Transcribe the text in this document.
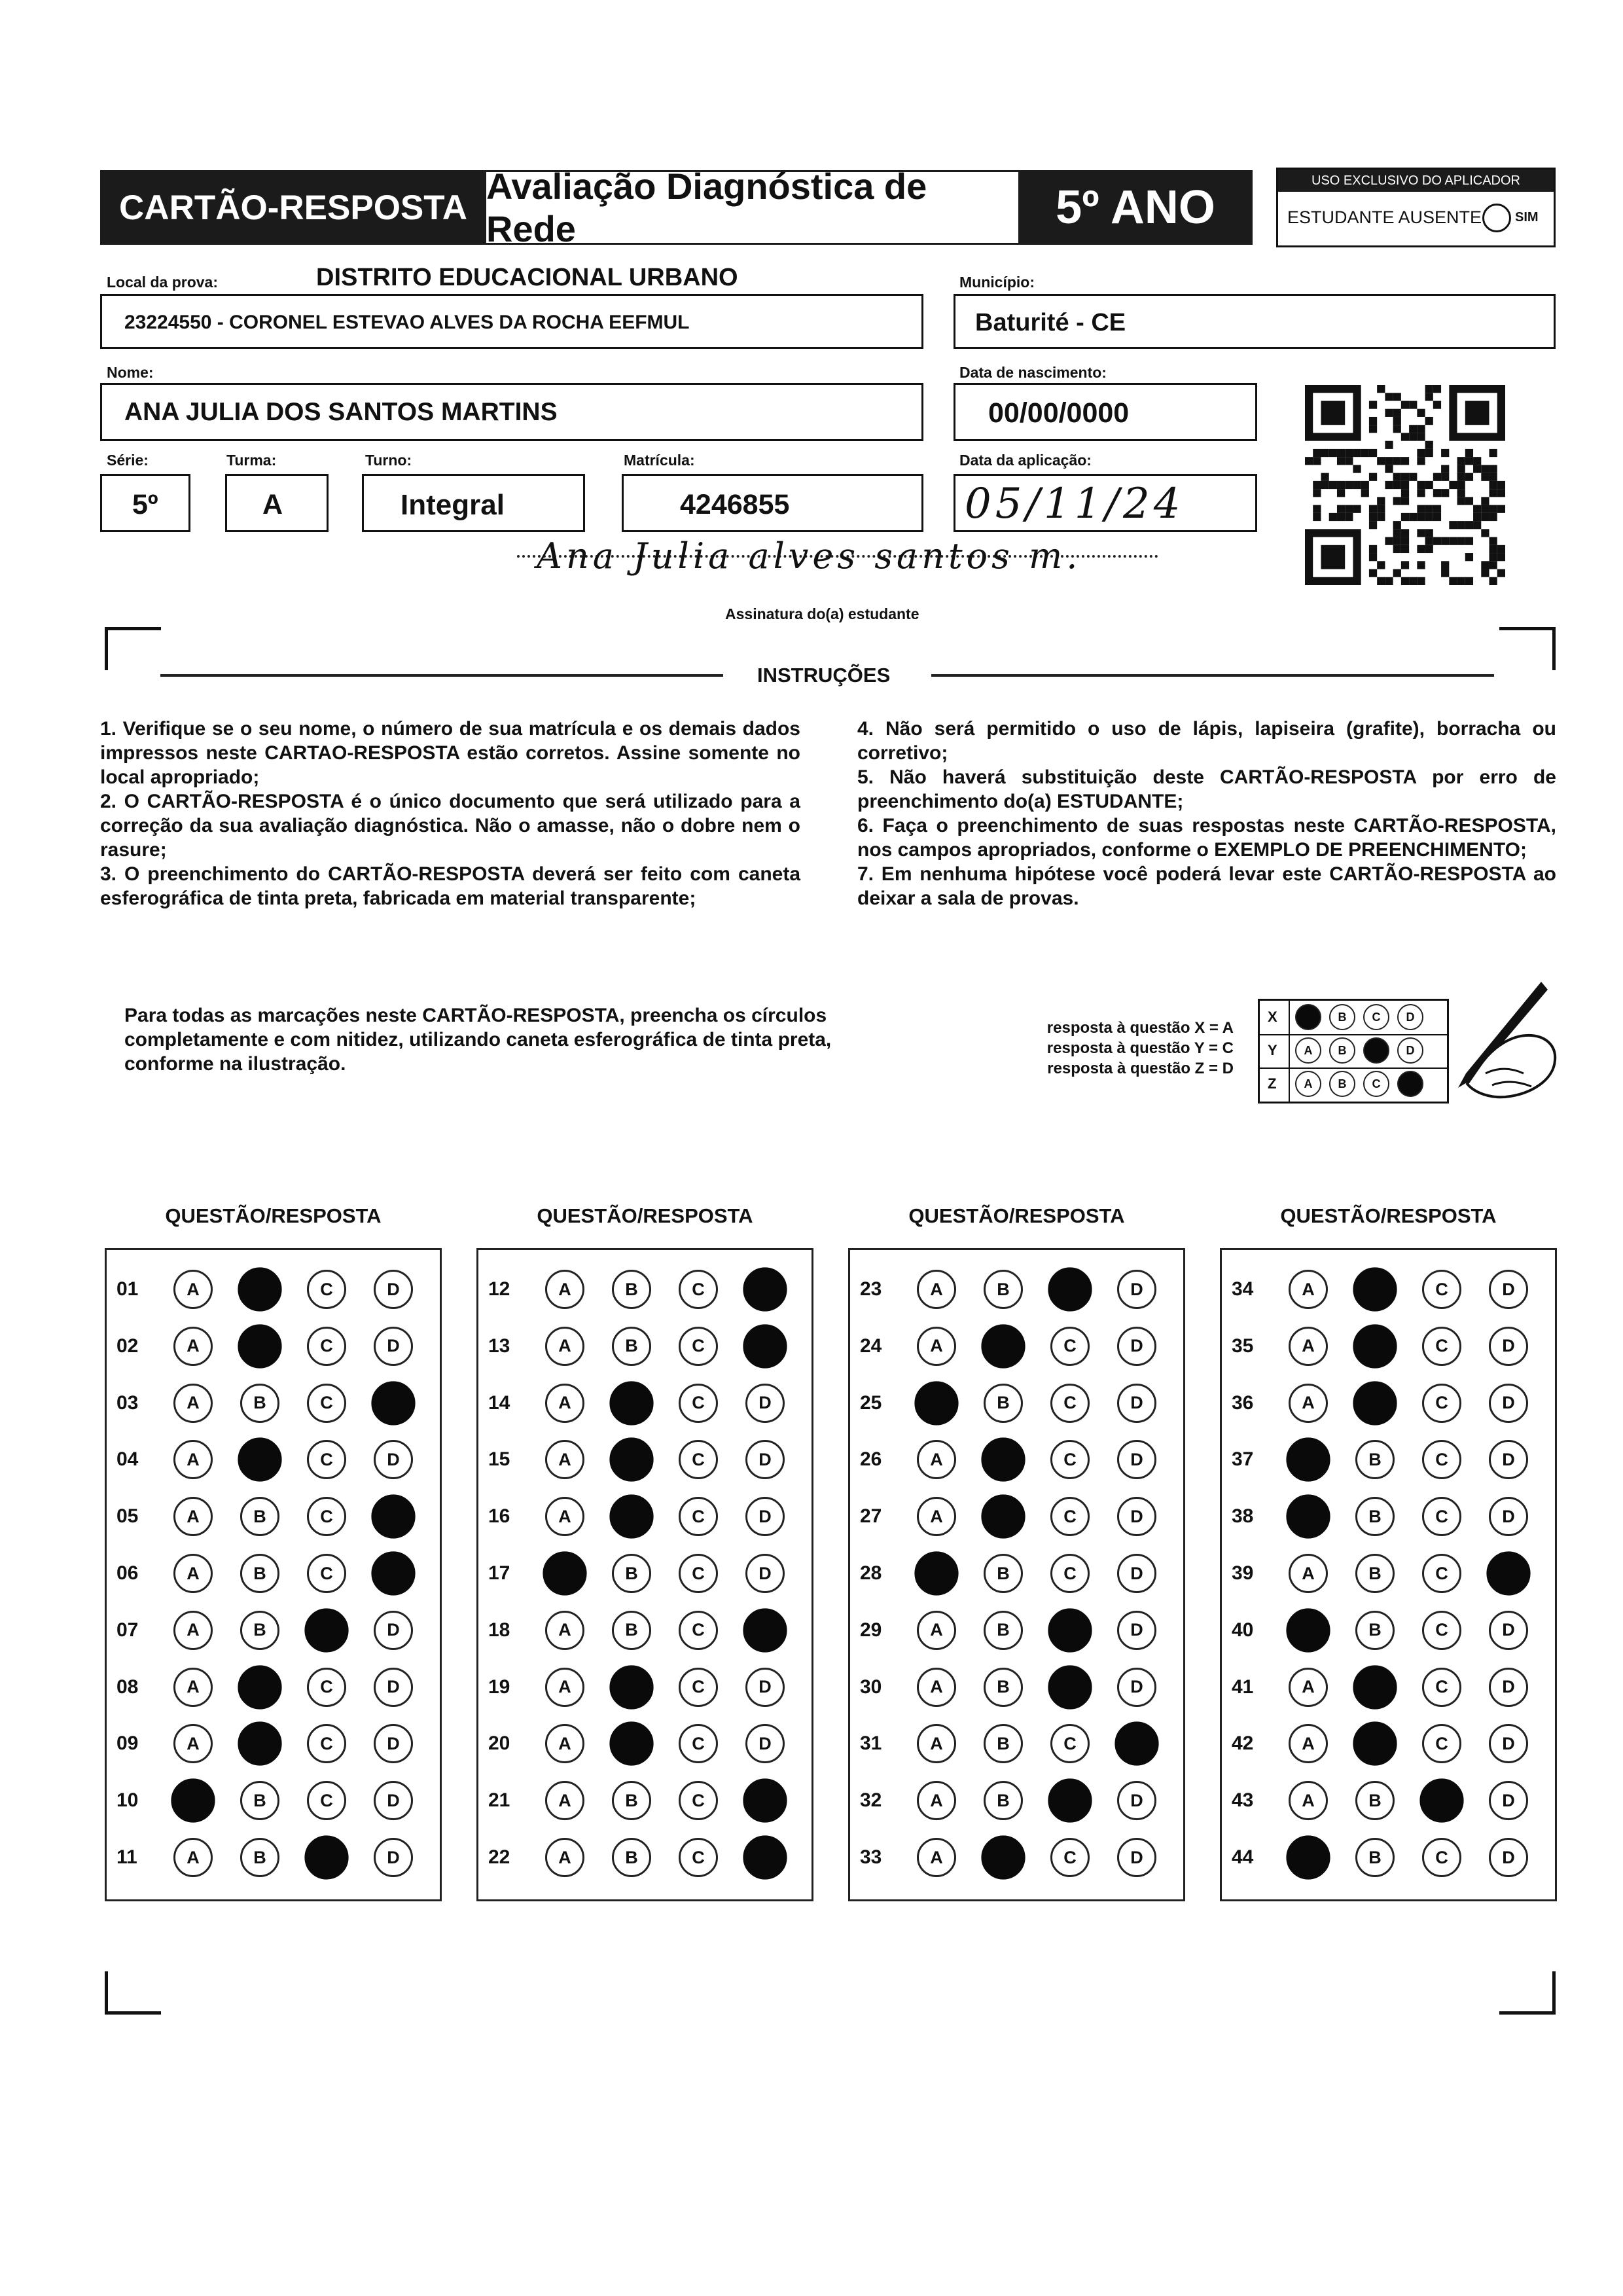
CARTÃO-RESPOSTA
Avaliação Diagnóstica de Rede	5º ANO
USO EXCLUSIVO DO APLICADOR
ESTUDANTE AUSENTE	SIM
Local da prova:	DISTRITO EDUCACIONAL URBANO	Município:
23224550 - CORONEL ESTEVAO ALVES DA ROCHA EEFMUL	Baturité - CE
Nome:	Data de nascimento:
ANA JULIA DOS SANTOS MARTINS	00/00/0000
Série:	Turma:	Turno:	Matrícula:	Data da aplicação:
5º	A	Integral	4246855	05/11/24
Ana Julia alves santos m.
Assinatura do(a) estudante
INSTRUÇÕES

1. Verifique se o seu nome, o número de sua matrícula e os demais dados impressos neste CARTAO-RESPOSTA estão corretos. Assine somente no local apropriado;

2. O CARTÃO-RESPOSTA é o único documento que será utilizado para a correção da sua avaliação diagnóstica. Não o amasse, não o dobre nem o rasure;

3. O preenchimento do CARTÃO-RESPOSTA deverá ser feito com caneta esferográfica de tinta preta, fabricada em material transparente;

4. Não será permitido o uso de lápis, lapiseira (grafite), borracha ou corretivo;

5. Não haverá substituição deste CARTÃO-RESPOSTA por erro de preenchimento do(a) ESTUDANTE;

6. Faça o preenchimento de suas respostas neste CARTÃO-RESPOSTA, nos campos apropriados, conforme o EXEMPLO DE PREENCHIMENTO;

7. Em nenhuma hipótese você poderá levar este CARTÃO-RESPOSTA ao deixar a sala de provas.

Para todas as marcações neste CARTÃO-RESPOSTA, preencha os círculos completamente e com nitidez, utilizando caneta esferográfica de tinta preta, conforme na ilustração.
resposta à questão X = A
resposta à questão Y = C
resposta à questão Z = D
X	A	B	C	D
Y	A	B	C	D
Z	A	B	C	D
QUESTÃO/RESPOSTA
01	A	B	C	D
02	A	B	C	D
03	A	B	C	D
04	A	B	C	D
05	A	B	C	D
06	A	B	C	D
07	A	B	C	D
08	A	B	C	D
09	A	B	C	D
10	A	B	C	D
11	A	B	C	D
QUESTÃO/RESPOSTA
12	A	B	C	D
13	A	B	C	D
14	A	B	C	D
15	A	B	C	D
16	A	B	C	D
17	A	B	C	D
18	A	B	C	D
19	A	B	C	D
20	A	B	C	D
21	A	B	C	D
22	A	B	C	D
QUESTÃO/RESPOSTA
23	A	B	C	D
24	A	B	C	D
25	A	B	C	D
26	A	B	C	D
27	A	B	C	D
28	A	B	C	D
29	A	B	C	D
30	A	B	C	D
31	A	B	C	D
32	A	B	C	D
33	A	B	C	D
QUESTÃO/RESPOSTA
34	A	B	C	D
35	A	B	C	D
36	A	B	C	D
37	A	B	C	D
38	A	B	C	D
39	A	B	C	D
40	A	B	C	D
41	A	B	C	D
42	A	B	C	D
43	A	B	C	D
44	A	B	C	D
